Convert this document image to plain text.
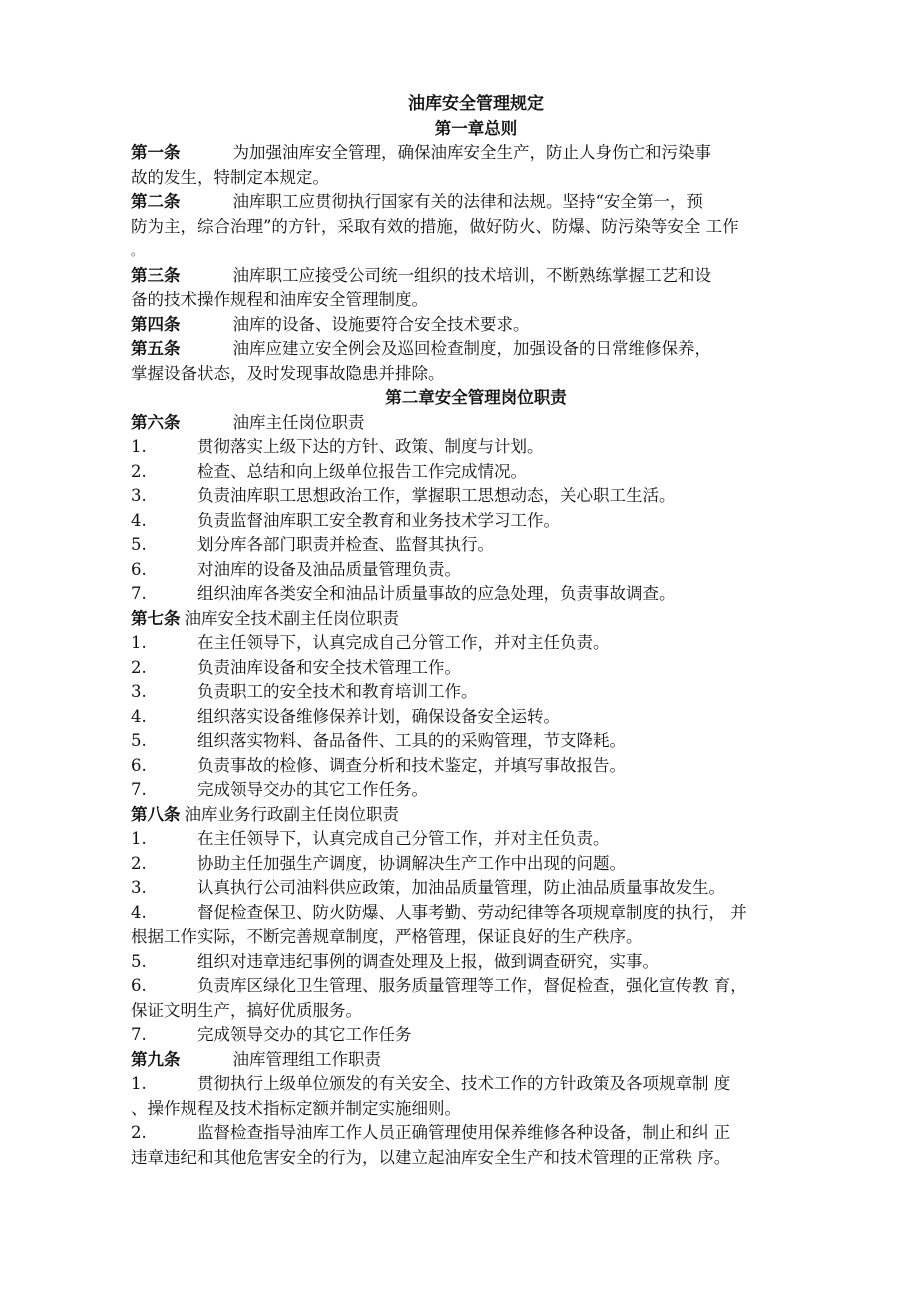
油库安全管理规定
第一章总则
第一条	为加强油库安全管理，确保油库安全生产，防止人身伤亡和污染事
故的发生，特制定本规定。
第二条	油库职工应贯彻执行国家有关的法律和法规。坚持“安全第一，预
防为主，综合治理”的方针，采取有效的措施，做好防火、防爆、防污染等安全 工作
。
第三条	油库职工应接受公司统一组织的技术培训，不断熟练掌握工艺和设
备的技术操作规程和油库安全管理制度。
第四条	油库的设备、设施要符合安全技术要求。
第五条	油库应建立安全例会及巡回检查制度，加强设备的日常维修保养，
掌握设备状态，及时发现事故隐患并排除。
第二章安全管理岗位职责
第六条	油库主任岗位职责
1.	贯彻落实上级下达的方针、政策、制度与计划。
2.	检查、总结和向上级单位报告工作完成情况。
3.	负责油库职工思想政治工作，掌握职工思想动态，关心职工生活。
4.	负责监督油库职工安全教育和业务技术学习工作。
5.	划分库各部门职责并检查、监督其执行。
6.	对油库的设备及油品质量管理负责。
7.	组织油库各类安全和油品计质量事故的应急处理，负责事故调查。
第七条 油库安全技术副主任岗位职责
1.	在主任领导下，认真完成自己分管工作，并对主任负责。
2.	负责油库设备和安全技术管理工作。
3.	负责职工的安全技术和教育培训工作。
4.	组织落实设备维修保养计划，确保设备安全运转。
5.	组织落实物料、备品备件、工具的的采购管理，节支降耗。
6.	负责事故的检修、调查分析和技术鉴定，并填写事故报告。
7.	完成领导交办的其它工作任务。
第八条 油库业务行政副主任岗位职责
1.	在主任领导下，认真完成自己分管工作，并对主任负责。
2.	协助主任加强生产调度，协调解决生产工作中出现的问题。
3.	认真执行公司油料供应政策，加油品质量管理，防止油品质量事故发生。
4.	督促检查保卫、防火防爆、人事考勤、劳动纪律等各项规章制度的执行， 并
根据工作实际，不断完善规章制度，严格管理，保证良好的生产秩序。
5.	组织对违章违纪事例的调查处理及上报，做到调查研究，实事。
6.	负责库区绿化卫生管理、服务质量管理等工作，督促检查，强化宣传教 育，
保证文明生产，搞好优质服务。
7.	完成领导交办的其它工作任务
第九条	油库管理组工作职责
1.	贯彻执行上级单位颁发的有关安全、技术工作的方针政策及各项规章制 度
、操作规程及技术指标定额并制定实施细则。
2.	监督检查指导油库工作人员正确管理使用保养维修各种设备，制止和纠 正
违章违纪和其他危害安全的行为，以建立起油库安全生产和技术管理的正常秩 序。
